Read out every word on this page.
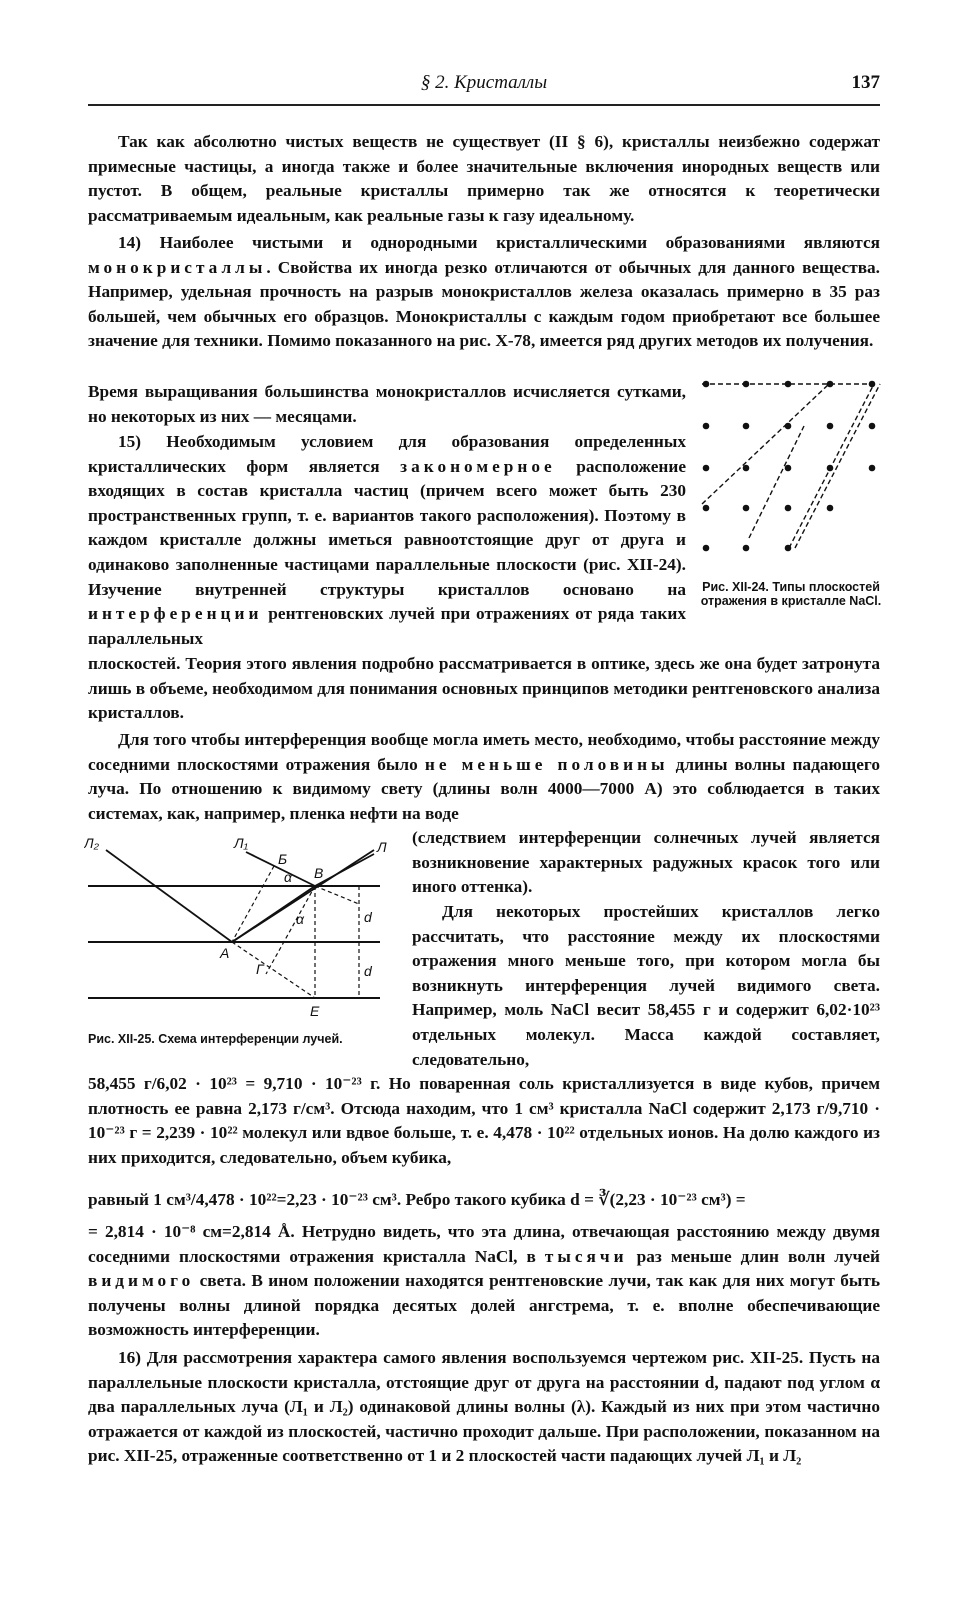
§ 2. Кристаллы	137
Так как абсолютно чистых веществ не существует (II § 6), кристаллы неизбежно содержат примесные частицы, а иногда также и более значительные включения инородных веществ или пустот. В общем, реальные кристаллы примерно так же относятся к теоретически рассматриваемым идеальным, как реальные газы к газу идеальному.
14) Наиболее чистыми и однородными кристаллическими образованиями являются монокристаллы. Свойства их иногда резко отличаются от обычных для данного вещества. Например, удельная прочность на разрыв монокристаллов железа оказалась примерно в 35 раз большей, чем обычных его образцов. Монокристаллы с каждым годом приобретают все большее значение для техники. Помимо показанного на рис. X-78, имеется ряд других методов их получения.
Время выращивания большинства монокристаллов исчисляется сутками, но некоторых из них — месяцами.
15) Необходимым условием для образования определенных кристаллических форм является закономерное расположение входящих в состав кристалла частиц (причем всего может быть 230 пространственных групп, т. е. вариантов такого расположения). Поэтому в каждом кристалле должны иметься равноотстоящие друг от друга и одинаково заполненные частицами параллельные плоскости (рис. XII-24). Изучение внутренней структуры кристаллов основано на интерференции рентгеновских лучей при отражениях от ряда таких параллельных
плоскостей. Теория этого явления подробно рассматривается в оптике, здесь же она будет затронута лишь в объеме, необходимом для понимания основных принципов методики рентгеновского анализа кристаллов.
Для того чтобы интерференция вообще могла иметь место, необходимо, чтобы расстояние между соседними плоскостями отражения было не меньше половины длины волны падающего луча. По отношению к видимому свету (длины волн 4000—7000 А) это соблюдается в таких системах, как, например, пленка нефти на воде
(следствием интерференции солнечных лучей является возникновение характерных радужных красок того или иного оттенка).
Для некоторых простейших кристаллов легко рассчитать, что расстояние между их плоскостями отражения много меньше того, при котором могла бы возникнуть интерференция лучей видимого света. Например, моль NaCl весит 58,455 г и содержит 6,02·10²³ отдельных молекул. Масса каждой составляет, следовательно,
58,455 г/6,02 · 10²³ = 9,710 · 10⁻²³ г. Но поваренная соль кристаллизуется в виде кубов, причем плотность ее равна 2,173 г/см³. Отсюда находим, что 1 см³ кристалла NaCl содержит 2,173 г/9,710 · 10⁻²³ г = 2,239 · 10²² молекул или вдвое больше, т. е. 4,478 · 10²² отдельных ионов. На долю каждого из них приходится, следовательно, объем кубика,
равный 1 см³/4,478 · 10²²=2,23 · 10⁻²³ см³. Ребро такого кубика d = ∛(2,23 · 10⁻²³ см³) =
= 2,814 · 10⁻⁸ см=2,814 Å. Нетрудно видеть, что эта длина, отвечающая расстоянию между двумя соседними плоскостями отражения кристалла NaCl, в тысячи раз меньше длин волн лучей видимого света. В ином положении находятся рентгеновские лучи, так как для них могут быть получены волны длиной порядка десятых долей ангстрема, т. е. вполне обеспечивающие возможность интерференции.
16) Для рассмотрения характера самого явления воспользуемся чертежом рис. XII-25. Пусть на параллельные плоскости кристалла, отстоящие друг от друга на расстоянии d, падают под углом α два параллельных луча (Л₁ и Л₂) одинаковой длины волны (λ). Каждый из них при этом частично отражается от каждой из плоскостей, частично проходит дальше. При расположении, показанном на рис. XII-25, отраженные соответственно от 1 и 2 плоскостей части падающих лучей Л₁ и Л₂
Рис. XII-24. Типы плоскостей отражения в кристалле NaCl.
Л₂	Л₁	Л
Б
В
А
Г
Е
d
d
α
α
Рис. XII-25. Схема интерференции лучей.
